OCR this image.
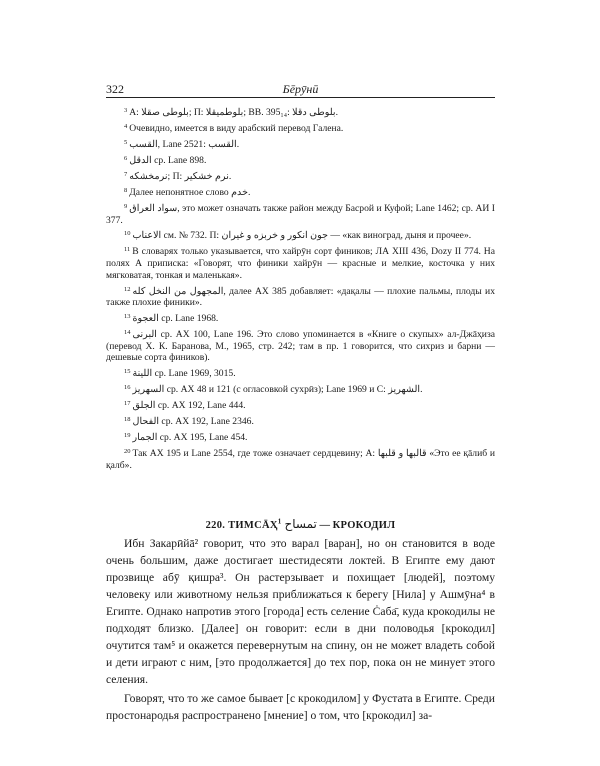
322	Бēрӯнӣ

$^3$ A: بلوطى صقلا; П: بلوطميقلا; ВВ. 395₁₄: بلوطى دقلا.

$^4$ Очевидно, имеется в виду арабский перевод Галена.

$^5$ القسب, Lane 2521: القسب.

$^6$ الدقل ср. Lane 898.

$^7$ نرمخشكه; П: نرم خشكير.

$^8$ Далее непонятное слово خدم.

$^9$ سواد العراق, это может означать также район между Басрой и Куфой; Lane 1462; ср. АИ I 377.

$^{10}$ الاعناب см. № 732. П: جون انكور و خربزه و غيران — «как виноград, дыня и прочее».

$^{11}$ В словарях только указывается, что хайрӯн сорт фиников; ЛА XIII 436, Dozy II 774. На полях А приписка: «Говорят, что финики хайрӯн — красные и мелкие, косточка у них мягковатая, тонкая и маленькая».

$^{12}$ المجهول من النخل كله, далее АХ 385 добавляет: «дақалы — плохие пальмы, плоды их также плохие финики».

$^{13}$ العجوة ср. Lane 1968.

$^{14}$ البرنى ср. АХ 100, Lane 196. Это слово упоминается в «Книге о скупых» ал-Джāҳиза (перевод Х. К. Баранова, М., 1965, стр. 242; там в пр. 1 говорится, что сихриз и барни — дешевые сорта фиников).

$^{15}$ اللينة ср. Lane 1969, 3015.

$^{16}$ السهريز ср. АХ 48 и 121 (с огласовкой сухрӣз); Lane 1969 и С: الشهريز.

$^{17}$ الجلق ср. АХ 192, Lane 444.

$^{18}$ الفحال ср. АХ 192, Lane 2346.

$^{19}$ الجمار ср. АХ 195, Lane 454.

$^{20}$ Так АХ 195 и Lane 2554, где тоже означает сердцевину; А: قالبها و قلبها «Это ее қāлиб и қалб».

220. ТИМСĀҲ$^1$ تمساح — КРОКОДИЛ

Ибн Закарӣйā² говорит, что это варал [варан], но он становится в воде очень большим, даже достигает шестидесяти локтей. В Египте ему дают прозвище абӯ қишра³. Он растерзывает и похищает [людей], поэтому человеку или животному нельзя приближаться к берегу [Нила] у Ашмӯна⁴ в Египте. Однако напротив этого [города] есть селение Ċаба̄, куда крокодилы не подходят близко. [Далее] он говорит: если в дни половодья [крокодил] очутится там⁵ и окажется перевернутым на спину, он не может владеть собой и дети играют с ним, [это продолжается] до тех пор, пока он не минует этого селения.

Говорят, что то же самое бывает [с крокодилом] у Фустата в Египте. Среди простонародья распространено [мнение] о том, что [крокодил] за-
